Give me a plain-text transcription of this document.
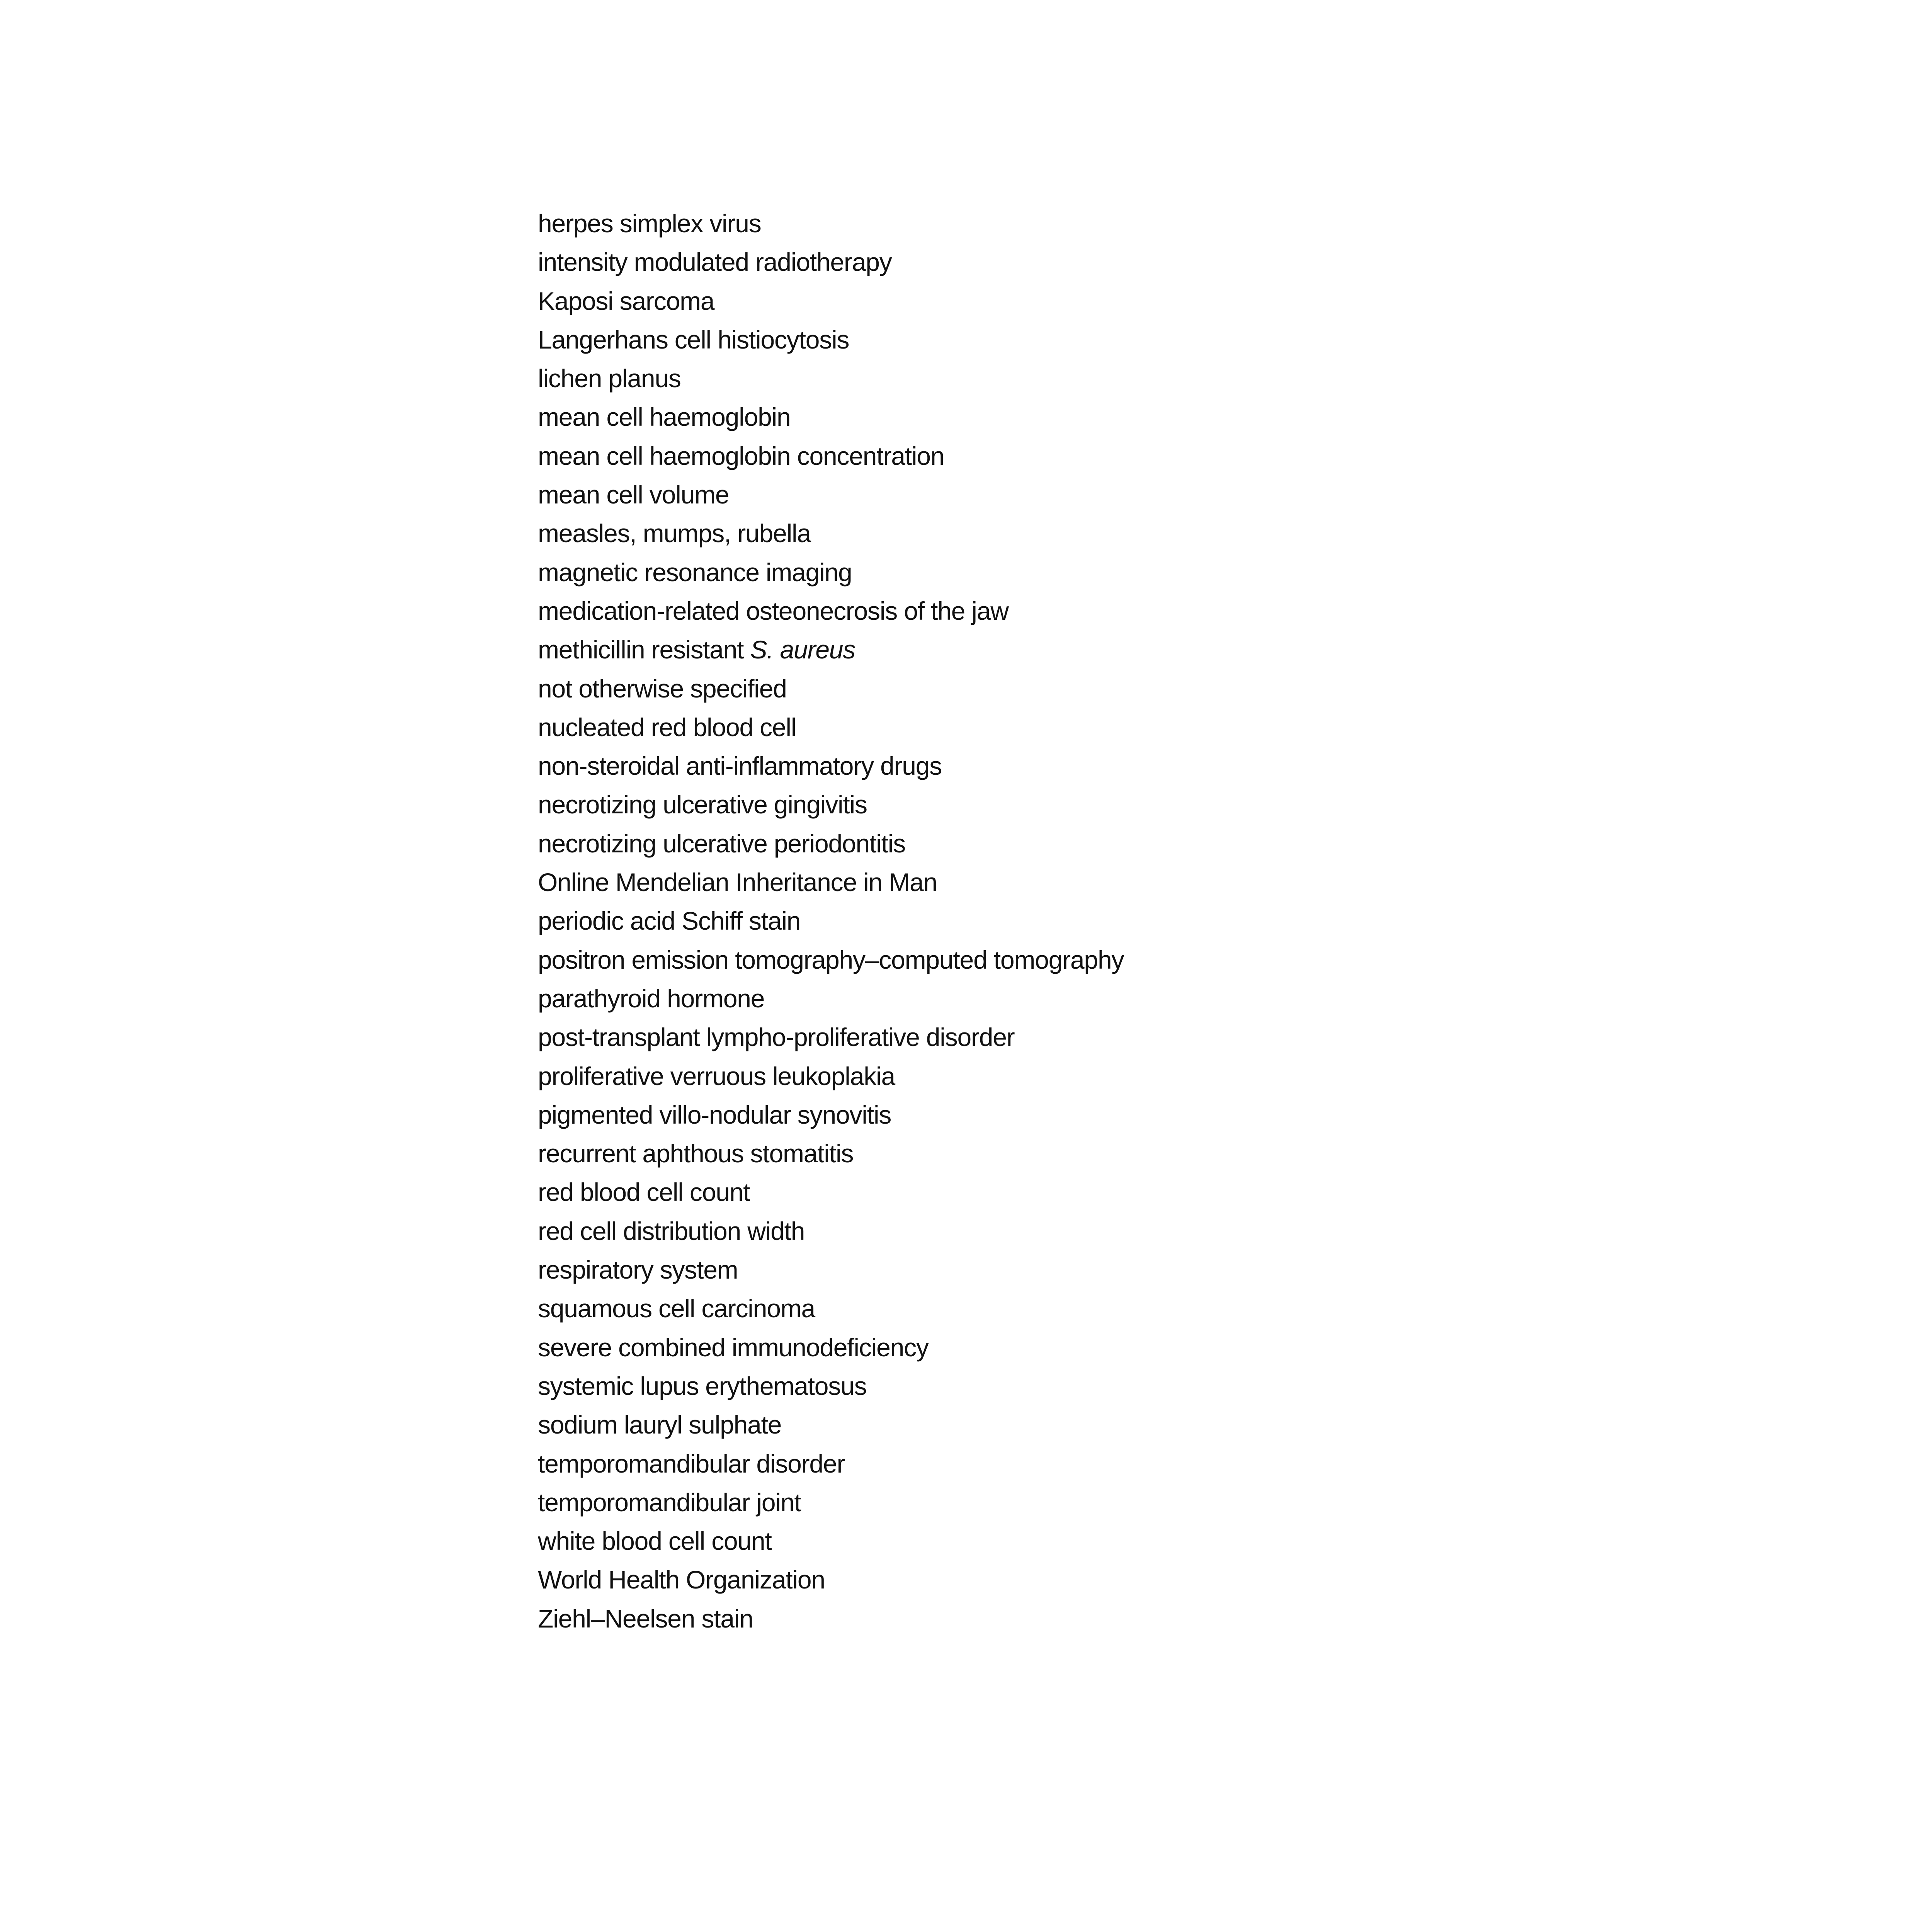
herpes simplex virus
intensity modulated radiotherapy
Kaposi sarcoma
Langerhans cell histiocytosis
lichen planus
mean cell haemoglobin
mean cell haemoglobin concentration
mean cell volume
measles, mumps, rubella
magnetic resonance imaging
medication-related osteonecrosis of the jaw
methicillin resistant S. aureus
not otherwise specified
nucleated red blood cell
non-steroidal anti-inflammatory drugs
necrotizing ulcerative gingivitis
necrotizing ulcerative periodontitis
Online Mendelian Inheritance in Man
periodic acid Schiff stain
positron emission tomography–computed tomography
parathyroid hormone
post-transplant lympho-proliferative disorder
proliferative verruous leukoplakia
pigmented villo-nodular synovitis
recurrent aphthous stomatitis
red blood cell count
red cell distribution width
respiratory system
squamous cell carcinoma
severe combined immunodeficiency
systemic lupus erythematosus
sodium lauryl sulphate
temporomandibular disorder
temporomandibular joint
white blood cell count
World Health Organization
Ziehl–Neelsen stain
